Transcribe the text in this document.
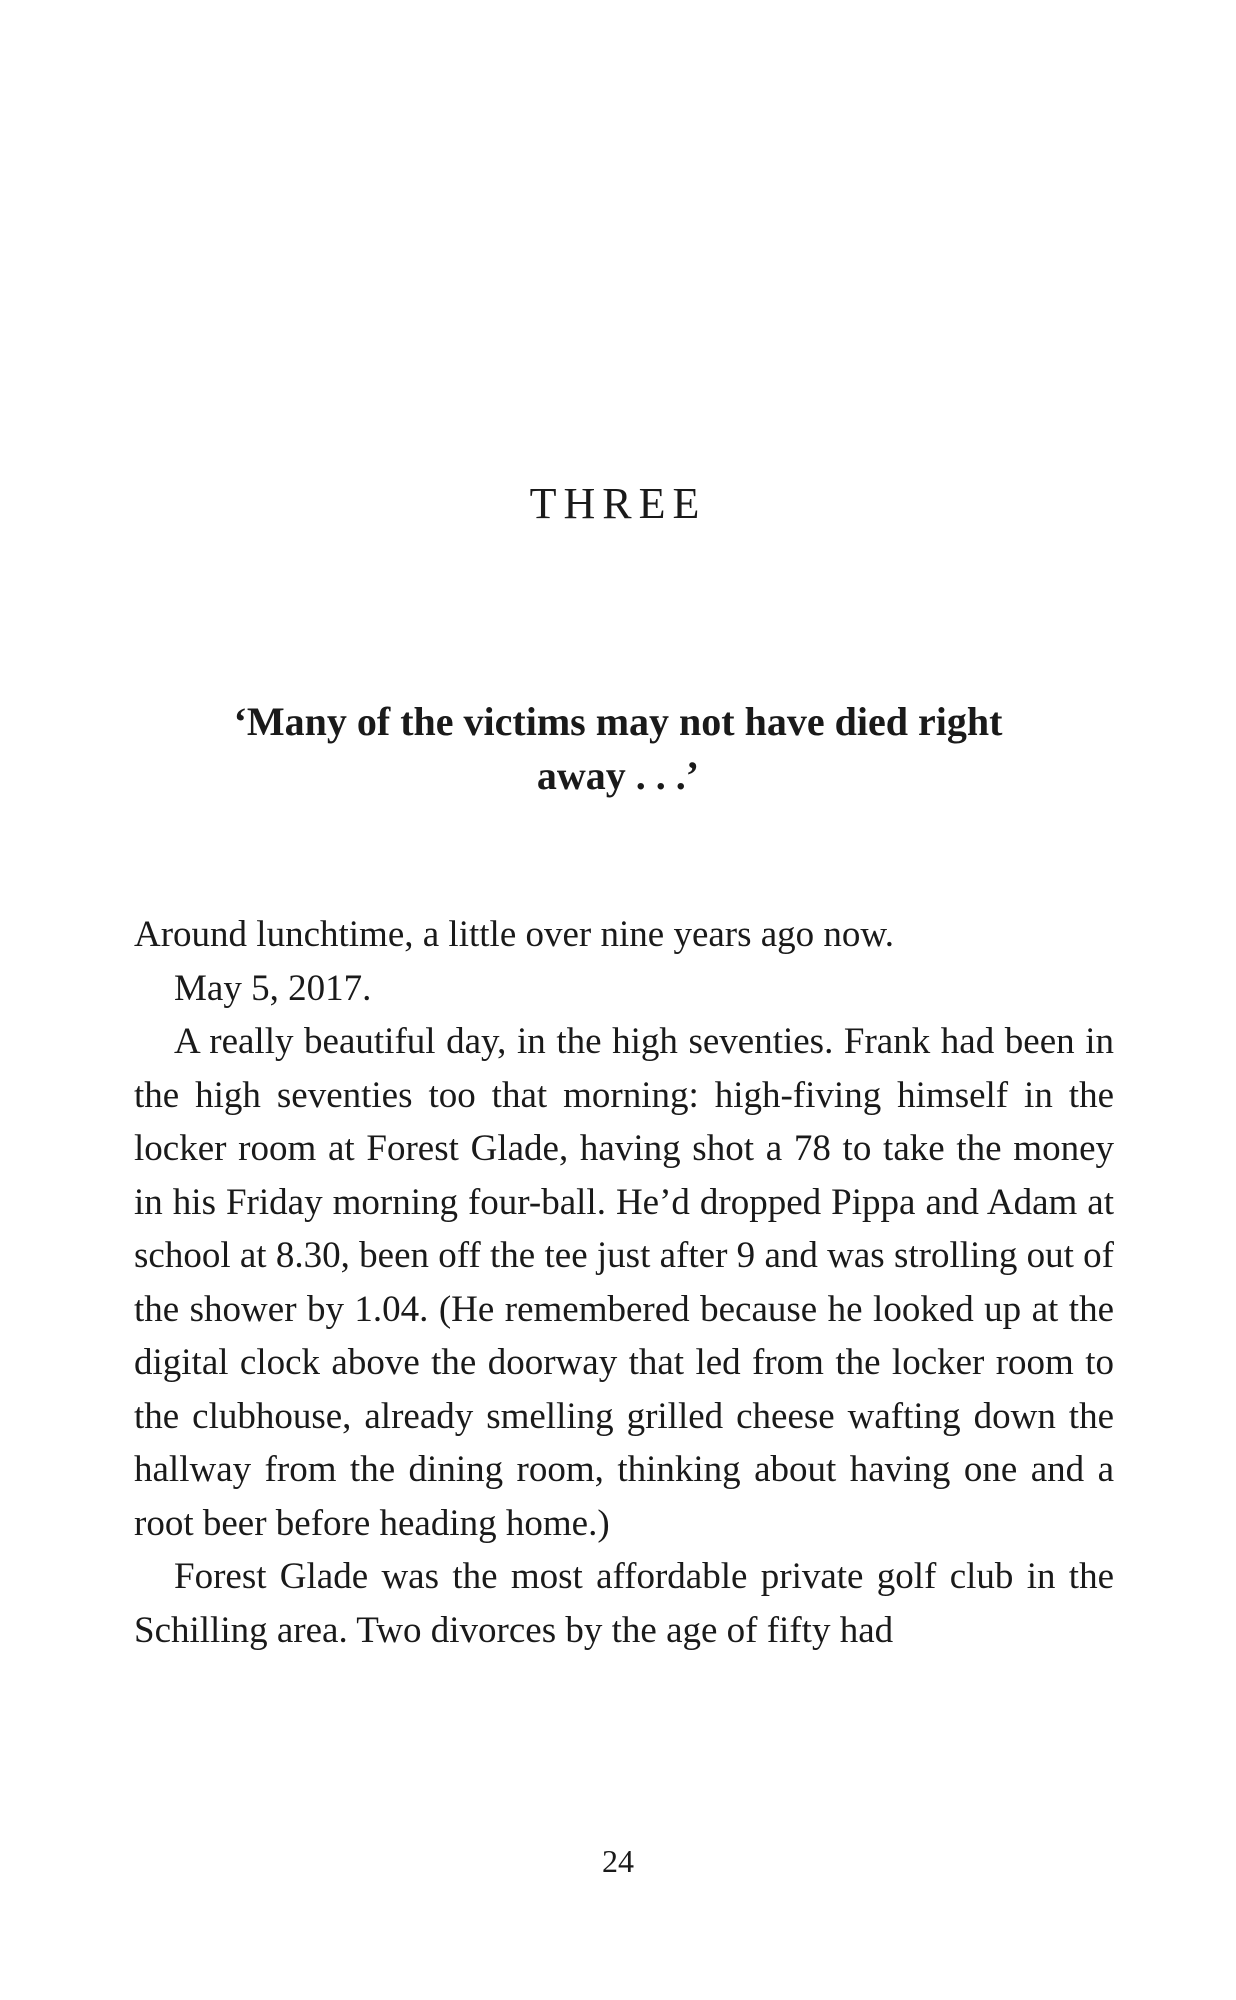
THREE

‘Many of the victims may not have died right away . . .’

Around lunchtime, a little over nine years ago now.

May 5, 2017.

A really beautiful day, in the high seventies. Frank had been in the high seventies too that morning: high-fiving himself in the locker room at Forest Glade, having shot a 78 to take the money in his Friday morning four-ball. He’d dropped Pippa and Adam at school at 8.30, been off the tee just after 9 and was strolling out of the shower by 1.04. (He remembered because he looked up at the digital clock above the doorway that led from the locker room to the clubhouse, already smelling grilled cheese wafting down the hallway from the dining room, thinking about having one and a root beer before heading home.)

Forest Glade was the most affordable private golf club in the Schilling area. Two divorces by the age of fifty had

24
